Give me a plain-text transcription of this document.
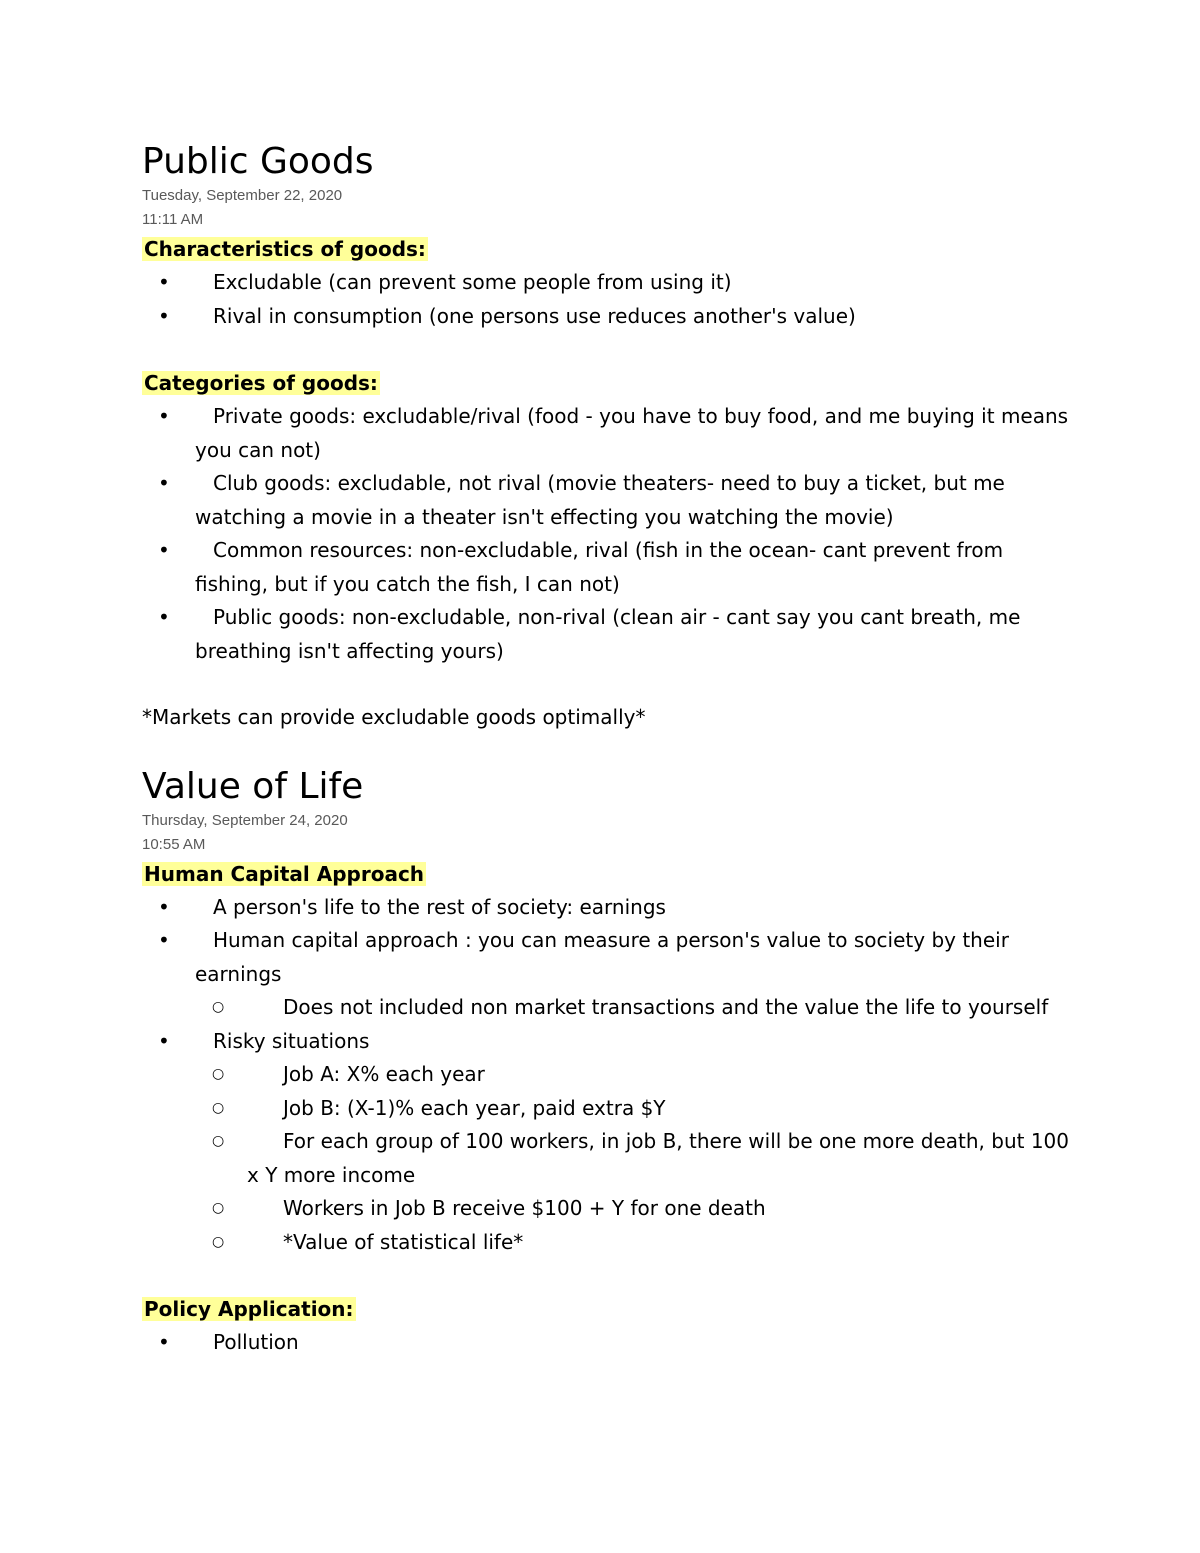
Public Goods
Tuesday, September 22, 2020
11:11 AM
Characteristics of goods:
• Excludable (can prevent some people from using it)
• Rival in consumption (one persons use reduces another's value)
Categories of goods:
• Private goods: excludable/rival (food - you have to buy food, and me buying it means you can not)
• Club goods: excludable, not rival (movie theaters- need to buy a ticket, but me watching a movie in a theater isn't effecting you watching the movie)
• Common resources: non-excludable, rival (fish in the ocean- cant prevent from fishing, but if you catch the fish, I can not)
• Public goods: non-excludable, non-rival (clean air - cant say you cant breath, me breathing isn't affecting yours)
*Markets can provide excludable goods optimally*
Value of Life
Thursday, September 24, 2020
10:55 AM
Human Capital Approach
• A person's life to the rest of society: earnings
• Human capital approach : you can measure a person's value to society by their earnings
○ Does not included non market transactions and the value the life to yourself
• Risky situations
○ Job A: X% each year
○ Job B: (X-1)% each year, paid extra $Y
○ For each group of 100 workers, in job B, there will be one more death, but 100 x Y more income
○ Workers in Job B receive $100 + Y for one death
○ *Value of statistical life*
Policy Application:
• Pollution
